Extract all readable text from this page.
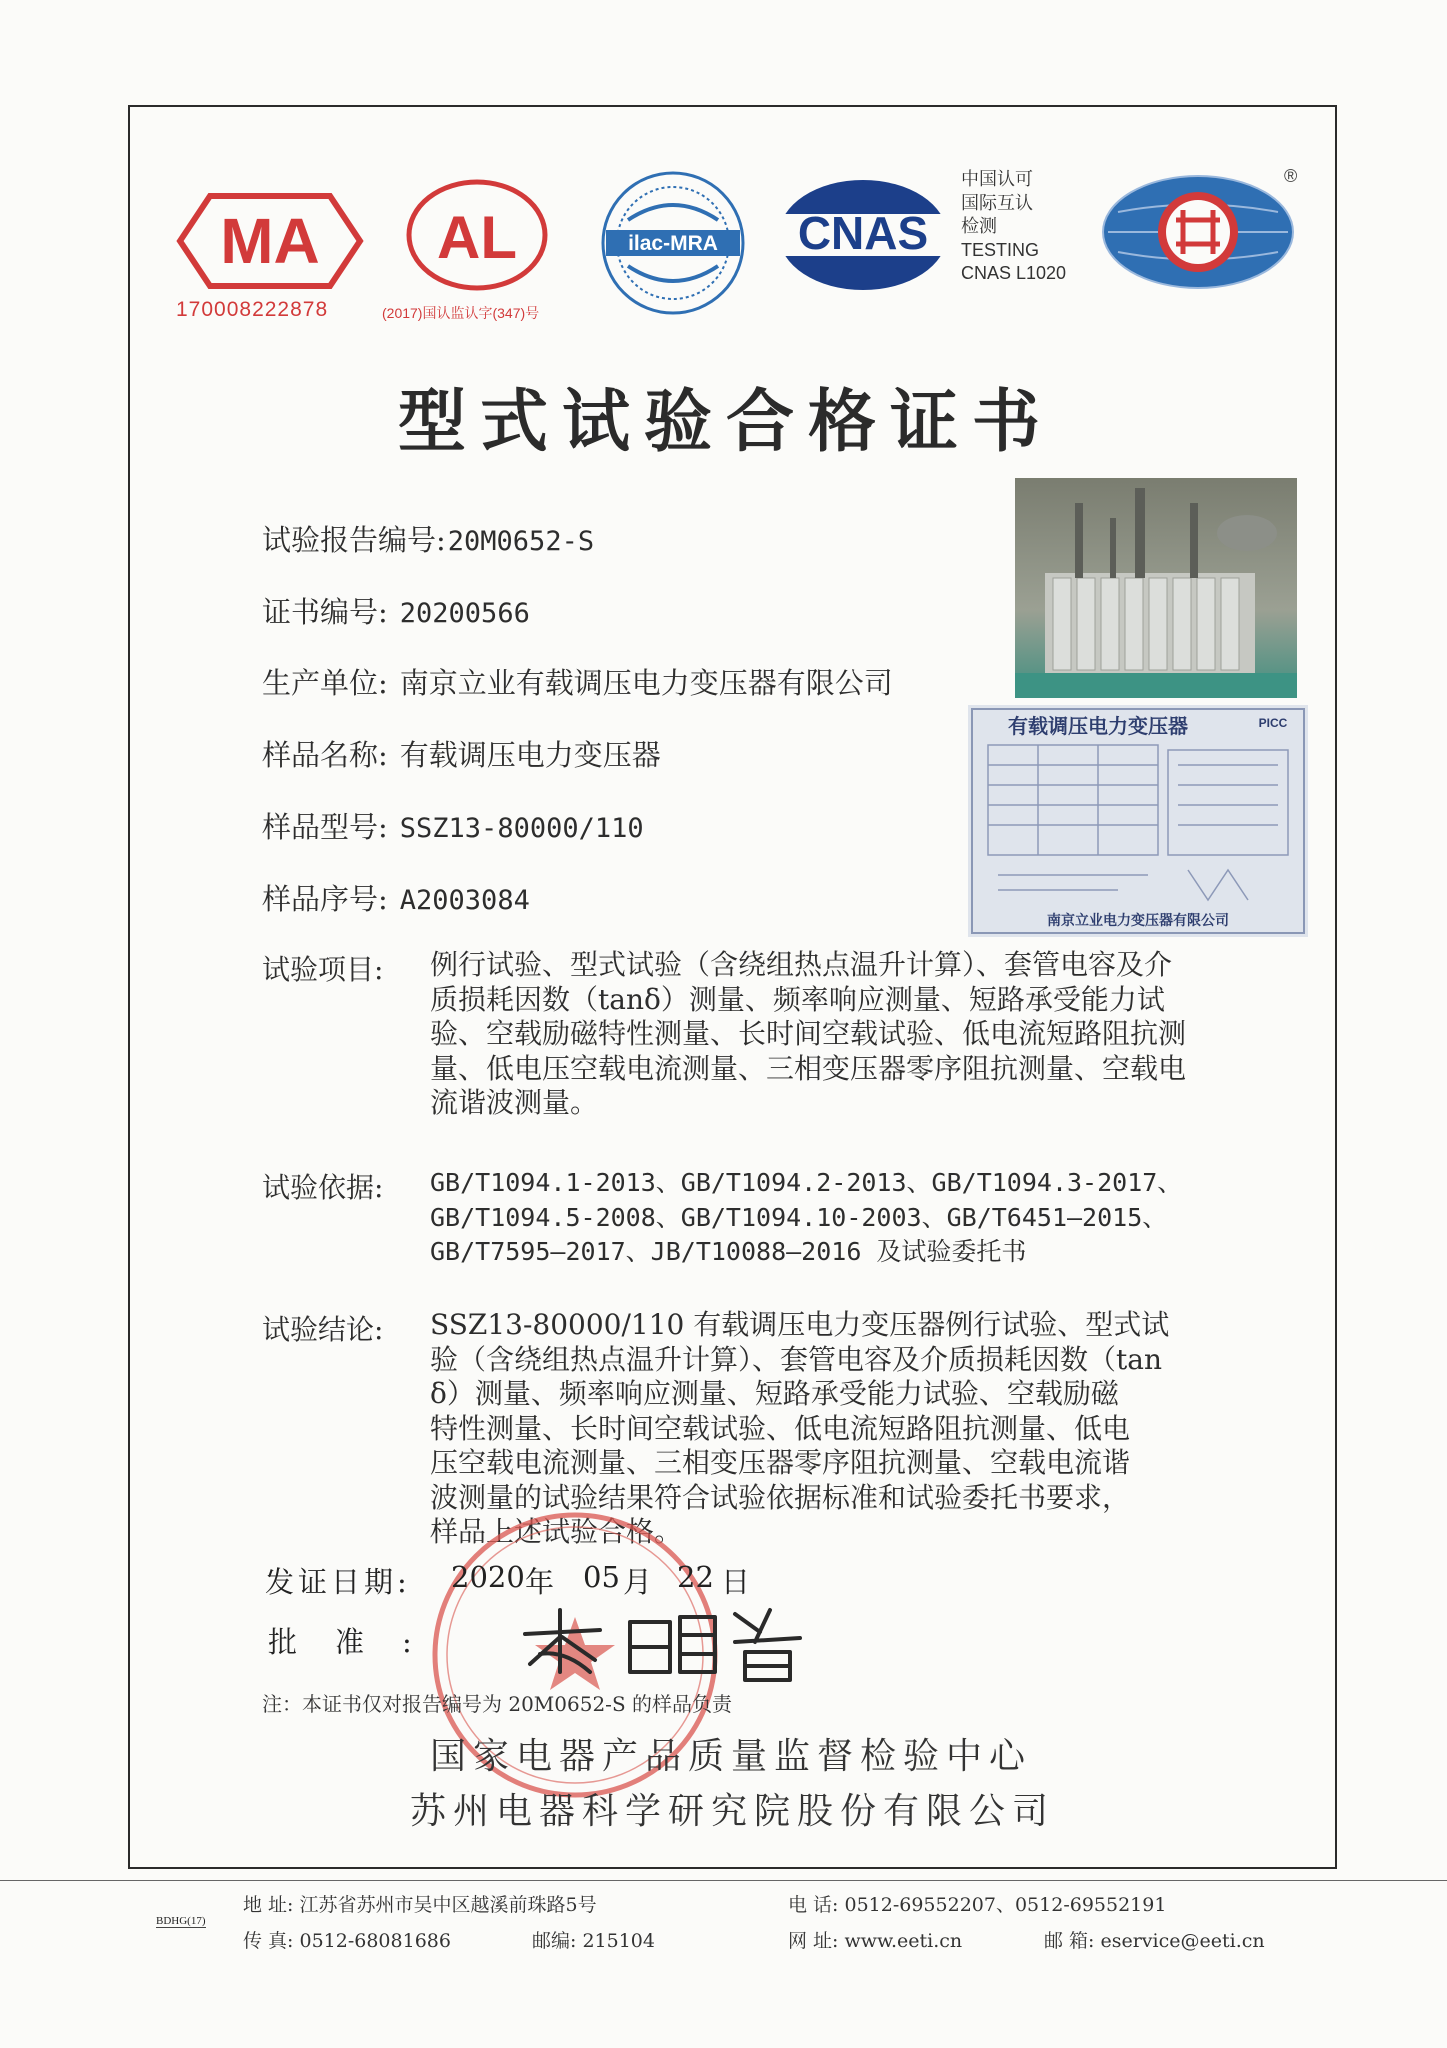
MA
170008222878
AL
(2017)国认监认字(347)号
ilac-MRA CNAS
中国认可
国际互认
检测
TESTING
CNAS L1020
®
型式试验合格证书
有载调压电力变压器	PICC
南京立业电力变压器有限公司
试验报告编号:20M0652-S
证书编号: 20200566
生产单位: 南京立业有载调压电力变压器有限公司
样品名称: 有载调压电力变压器
样品型号: SSZ13-80000/110
样品序号: A2003084
试验项目: 例行试验、型式试验（含绕组热点温升计算）、套管电容及介
质损耗因数（tanδ）测量、频率响应测量、短路承受能力试
验、空载励磁特性测量、长时间空载试验、低电流短路阻抗测
量、低电压空载电流测量、三相变压器零序阻抗测量、空载电
流谐波测量。
试验依据: GB/T1094.1-2013、GB/T1094.2-2013、GB/T1094.3-2017、
GB/T1094.5-2008、GB/T1094.10-2003、GB/T6451—2015、
GB/T7595—2017、JB/T10088—2016 及试验委托书
试验结论: SSZ13-80000/110 有载调压电力变压器例行试验、型式试
验（含绕组热点温升计算）、套管电容及介质损耗因数（tan
δ）测量、频率响应测量、短路承受能力试验、空载励磁
特性测量、长时间空载试验、低电流短路阻抗测量、低电
压空载电流测量、三相变压器零序阻抗测量、空载电流谐
波测量的试验结果符合试验依据标准和试验委托书要求，
样品上述试验合格。
发证日期: 2020 年 05 月 22 日
批准:
注：本证书仅对报告编号为 20M0652-S 的样品负责
国家电器产品质量监督检验中心
苏州电器科学研究院股份有限公司
BDHG(17)
地 址: 江苏省苏州市吴中区越溪前珠路5号	电 话: 0512-69552207、0512-69552191
传 真: 0512-68081686	邮编: 215104	网 址: www.eeti.cn	邮 箱: eservice@eeti.cn
